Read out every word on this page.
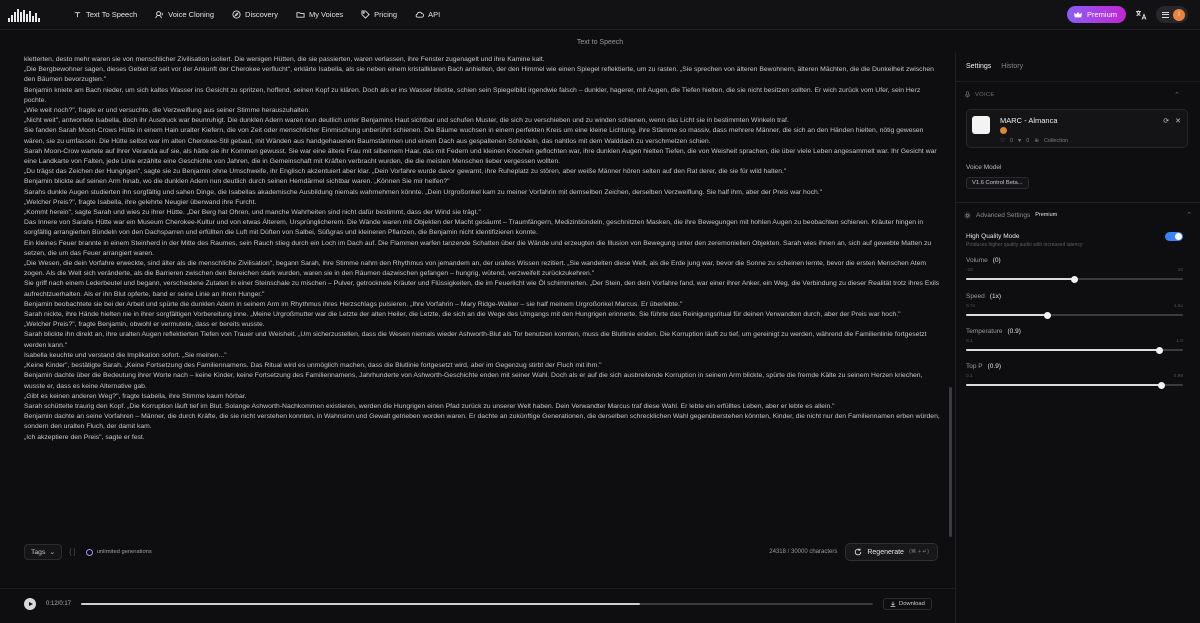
Text To Speech	Voice Cloning	Discovery	My Voices	Pricing	API	Premium	I
Text to Speech

kletterten, desto mehr waren sie von menschlicher Zivilisation isoliert. Die wenigen Hütten, die sie passierten, waren verlassen, ihre Fenster zugenagelt und ihre Kamine kalt.

„Die Bergbewohner sagen, dieses Gebiet ist seit vor der Ankunft der Cherokee verflucht", erklärte Isabella, als sie neben einem kristallklaren Bach anhielten, der den Himmel wie einen Spiegel reflektierte, um zu rasten. „Sie sprechen von älteren Bewohnern, älteren Mächten, die die Dunkelheit zwischen den Bäumen bevorzugten."

Benjamin kniete am Bach nieder, um sich kaltes Wasser ins Gesicht zu spritzen, hoffend, seinen Kopf zu klären. Doch als er ins Wasser blickte, schien sein Spiegelbild irgendwie falsch – dunkler, hagerer, mit Augen, die Tiefen hielten, die sie nicht besitzen sollten. Er wich zurück vom Ufer, sein Herz pochte.

„Wie weit noch?", fragte er und versuchte, die Verzweiflung aus seiner Stimme herauszuhalten.

„Nicht weit", antwortete Isabella, doch ihr Ausdruck war beunruhigt. Die dunklen Adern waren nun deutlich unter Benjamins Haut sichtbar und schufen Muster, die sich zu verschieben und zu winden schienen, wenn das Licht sie in bestimmten Winkeln traf.

Sie fanden Sarah Moon-Crows Hütte in einem Hain uralter Kiefern, die von Zeit oder menschlicher Einmischung unberührt schienen. Die Bäume wuchsen in einem perfekten Kreis um eine kleine Lichtung, ihre Stämme so massiv, dass mehrere Männer, die sich an den Händen hielten, nötig gewesen wären, sie zu umfassen. Die Hütte selbst war im alten Cherokee-Stil gebaut, mit Wänden aus handgehauenen Baumstämmen und einem Dach aus gespaltenen Schindeln, das nahtlos mit dem Walddach zu verschmelzen schien.

Sarah Moon-Crow wartete auf ihrer Veranda auf sie, als hätte sie ihr Kommen gewusst. Sie war eine ältere Frau mit silbernem Haar, das mit Federn und kleinen Knochen geflochten war, ihre dunklen Augen hielten Tiefen, die von Weisheit sprachen, die über viele Leben angesammelt war. Ihr Gesicht war eine Landkarte von Falten, jede Linie erzählte eine Geschichte von Jahren, die in Gemeinschaft mit Kräften verbracht wurden, die die meisten Menschen lieber vergessen wollten.

„Du trägst das Zeichen der Hungrigen", sagte sie zu Benjamin ohne Umschweife, ihr Englisch akzentuiert aber klar. „Dein Vorfahre wurde davor gewarnt, ihre Ruheplatz zu stören, aber weiße Männer hören selten auf den Rat derer, die sie für wild halten."

Benjamin blickte auf seinen Arm hinab, wo die dunklen Adern nun deutlich durch seinen Hemdärmel sichtbar waren. „Können Sie mir helfen?"

Sarahs dunkle Augen studierten ihn sorgfältig und sahen Dinge, die Isabellas akademische Ausbildung niemals wahrnehmen könnte. „Dein Urgroßonkel kam zu meiner Vorfahrin mit demselben Zeichen, derselben Verzweiflung. Sie half ihm, aber der Preis war hoch."

„Welcher Preis?", fragte Isabella, ihre gelehrte Neugier überwand ihre Furcht.

„Kommt herein", sagte Sarah und wies zu ihrer Hütte. „Der Berg hat Ohren, und manche Wahrheiten sind nicht dafür bestimmt, dass der Wind sie trägt."

Das Innere von Sarahs Hütte war ein Museum Cherokee-Kultur und von etwas Älterem, Ursprünglicherem. Die Wände waren mit Objekten der Macht gesäumt – Traumfängern, Medizinbündeln, geschnitzten Masken, die ihre Bewegungen mit hohlen Augen zu beobachten schienen. Kräuter hingen in sorgfältig arrangierten Bündeln von den Dachsparren und erfüllten die Luft mit Düften von Salbei, Süßgras und kleineren Pflanzen, die Benjamin nicht identifizieren konnte.

Ein kleines Feuer brannte in einem Steinherd in der Mitte des Raumes, sein Rauch stieg durch ein Loch im Dach auf. Die Flammen warfen tanzende Schatten über die Wände und erzeugten die Illusion von Bewegung unter den zeremoniellen Objekten. Sarah wies ihnen an, sich auf gewebte Matten zu setzen, die um das Feuer arrangiert waren.

„Die Wesen, die dein Vorfahre erweckte, sind älter als die menschliche Zivilisation", begann Sarah, ihre Stimme nahm den Rhythmus von jemandem an, der uraltes Wissen rezitiert. „Sie wandelten diese Welt, als die Erde jung war, bevor die Sonne zu scheinen lernte, bevor die ersten Menschen Atem zogen. Als die Welt sich veränderte, als die Barrieren zwischen den Bereichen stark wurden, waren sie in den Räumen dazwischen gefangen – hungrig, wütend, verzweifelt zurückzukehren."

Sie griff nach einem Lederbeutel und begann, verschiedene Zutaten in einer Steinschale zu mischen – Pulver, getrocknete Kräuter und Flüssigkeiten, die im Feuerlicht wie Öl schimmerten. „Der Stein, den dein Vorfahre fand, war einer ihrer Anker, ein Weg, die Verbindung zu dieser Realität trotz ihres Exils aufrechtzuerhalten. Als er ihn Blut opferte, band er seine Linie an ihren Hunger."

Benjamin beobachtete sie bei der Arbeit und spürte die dunklen Adern in seinem Arm im Rhythmus ihres Herzschlags pulsieren. „Ihre Vorfahrin – Mary Ridge-Walker – sie half meinem Urgroßonkel Marcus. Er überlebte."

Sarah nickte, ihre Hände hielten nie in ihrer sorgfältigen Vorbereitung inne. „Meine Urgroßmutter war die Letzte der alten Heiler, die Letzte, die sich an die Wege des Umgangs mit den Hungrigen erinnerte. Sie führte das Reinigungsritual für deinen Verwandten durch, aber der Preis war hoch."

„Welcher Preis?", fragte Benjamin, obwohl er vermutete, dass er bereits wusste.

Sarah blickte ihn direkt an, ihre uralten Augen reflektierten Tiefen von Trauer und Weisheit. „Um sicherzustellen, dass die Wesen niemals wieder Ashworth-Blut als Tor benutzen konnten, muss die Blutlinie enden. Die Korruption läuft zu tief, um gereinigt zu werden, während die Familienlinie fortgesetzt werden kann."

Isabella keuchte und verstand die Implikation sofort. „Sie meinen..."

„Keine Kinder", bestätigte Sarah. „Keine Fortsetzung des Familiennamens. Das Ritual wird es unmöglich machen, dass die Blutlinie fortgesetzt wird, aber im Gegenzug stirbt der Fluch mit ihm."

Benjamin dachte über die Bedeutung ihrer Worte nach – keine Kinder, keine Fortsetzung des Familiennamens, Jahrhunderte von Ashworth-Geschichte enden mit seiner Wahl. Doch als er auf die sich ausbreitende Korruption in seinem Arm blickte, spürte die fremde Kälte zu seinem Herzen kriechen, wusste er, dass es keine Alternative gab.

„Gibt es keinen anderen Weg?", fragte Isabella, ihre Stimme kaum hörbar.

Sarah schüttelte traurig den Kopf. „Die Korruption läuft tief im Blut. Solange Ashworth-Nachkommen existieren, werden die Hungrigen einen Pfad zurück zu unserer Welt haben. Dein Verwandter Marcus traf diese Wahl. Er lebte ein erfülltes Leben, aber er lebte es allein."

Benjamin dachte an seine Vorfahren – Männer, die durch Kräfte, die sie nicht verstehen konnten, in Wahnsinn und Gewalt getrieben worden waren. Er dachte an zukünftige Generationen, die derselben schrecklichen Wahl gegenüberstehen könnten, Kinder, die nicht nur den Familiennamen erben würden, sondern den uralten Fluch, der damit kam.

„Ich akzeptiere den Preis", sagte er fest.

Tags ⌄ { }	unlimited generations	24318 / 30000 characters	Regenerate (⌘ + ↵)
0:12/0:17	Download
Settings History
VOICE	⌃
MARC - Almanca
♡ 0 ♥ 0 ⊕ Collection
⟳ ✕
Voice Model
V1.6 Control Beta...
Advanced Settings Premium	⌃
High Quality Mode
Produces higher quality audio with increased latency
Volume (0)
-10	10
Speed (1x)
0.7x	1.5x
Temperature (0.9)
0.1	1.0
Top P (0.9)
0.1	0.99
